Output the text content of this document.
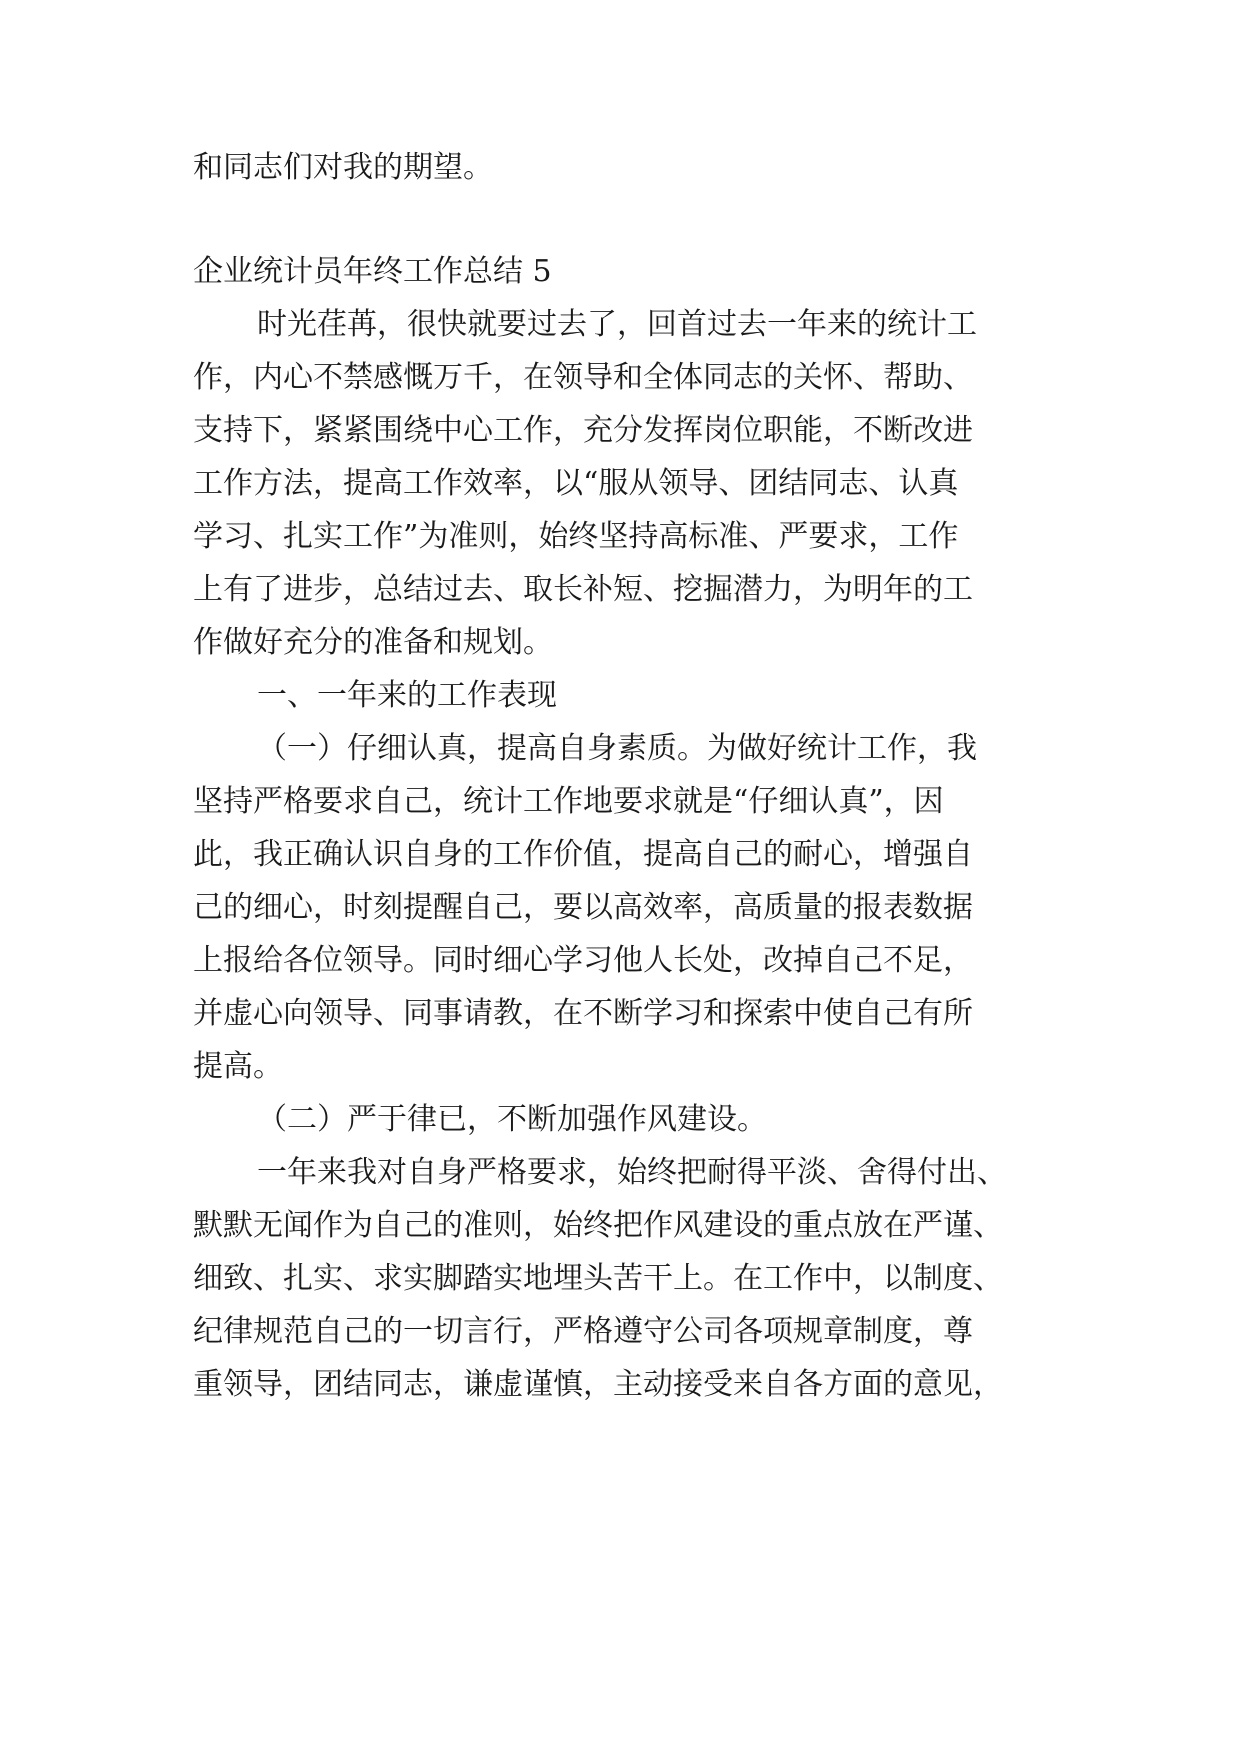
和同志们对我的期望。
企业统计员年终工作总结 5
时光荏苒，很快就要过去了，回首过去一年来的统计工
作，内心不禁感慨万千，在领导和全体同志的关怀、帮助、
支持下，紧紧围绕中心工作，充分发挥岗位职能，不断改进
工作方法，提高工作效率，以“服从领导、团结同志、认真
学习、扎实工作”为准则，始终坚持高标准、严要求，工作
上有了进步，总结过去、取长补短、挖掘潜力，为明年的工
作做好充分的准备和规划。
一、一年来的工作表现
（一）仔细认真，提高自身素质。为做好统计工作，我
坚持严格要求自己，统计工作地要求就是“仔细认真”，因
此，我正确认识自身的工作价值，提高自己的耐心，增强自
己的细心，时刻提醒自己，要以高效率，高质量的报表数据
上报给各位领导。同时细心学习他人长处，改掉自己不足，
并虚心向领导、同事请教，在不断学习和探索中使自己有所
提高。
（二）严于律已，不断加强作风建设。
一年来我对自身严格要求，始终把耐得平淡、舍得付出、
默默无闻作为自己的准则，始终把作风建设的重点放在严谨、
细致、扎实、求实脚踏实地埋头苦干上。在工作中，以制度、
纪律规范自己的一切言行，严格遵守公司各项规章制度，尊
重领导，团结同志，谦虚谨慎，主动接受来自各方面的意见，
